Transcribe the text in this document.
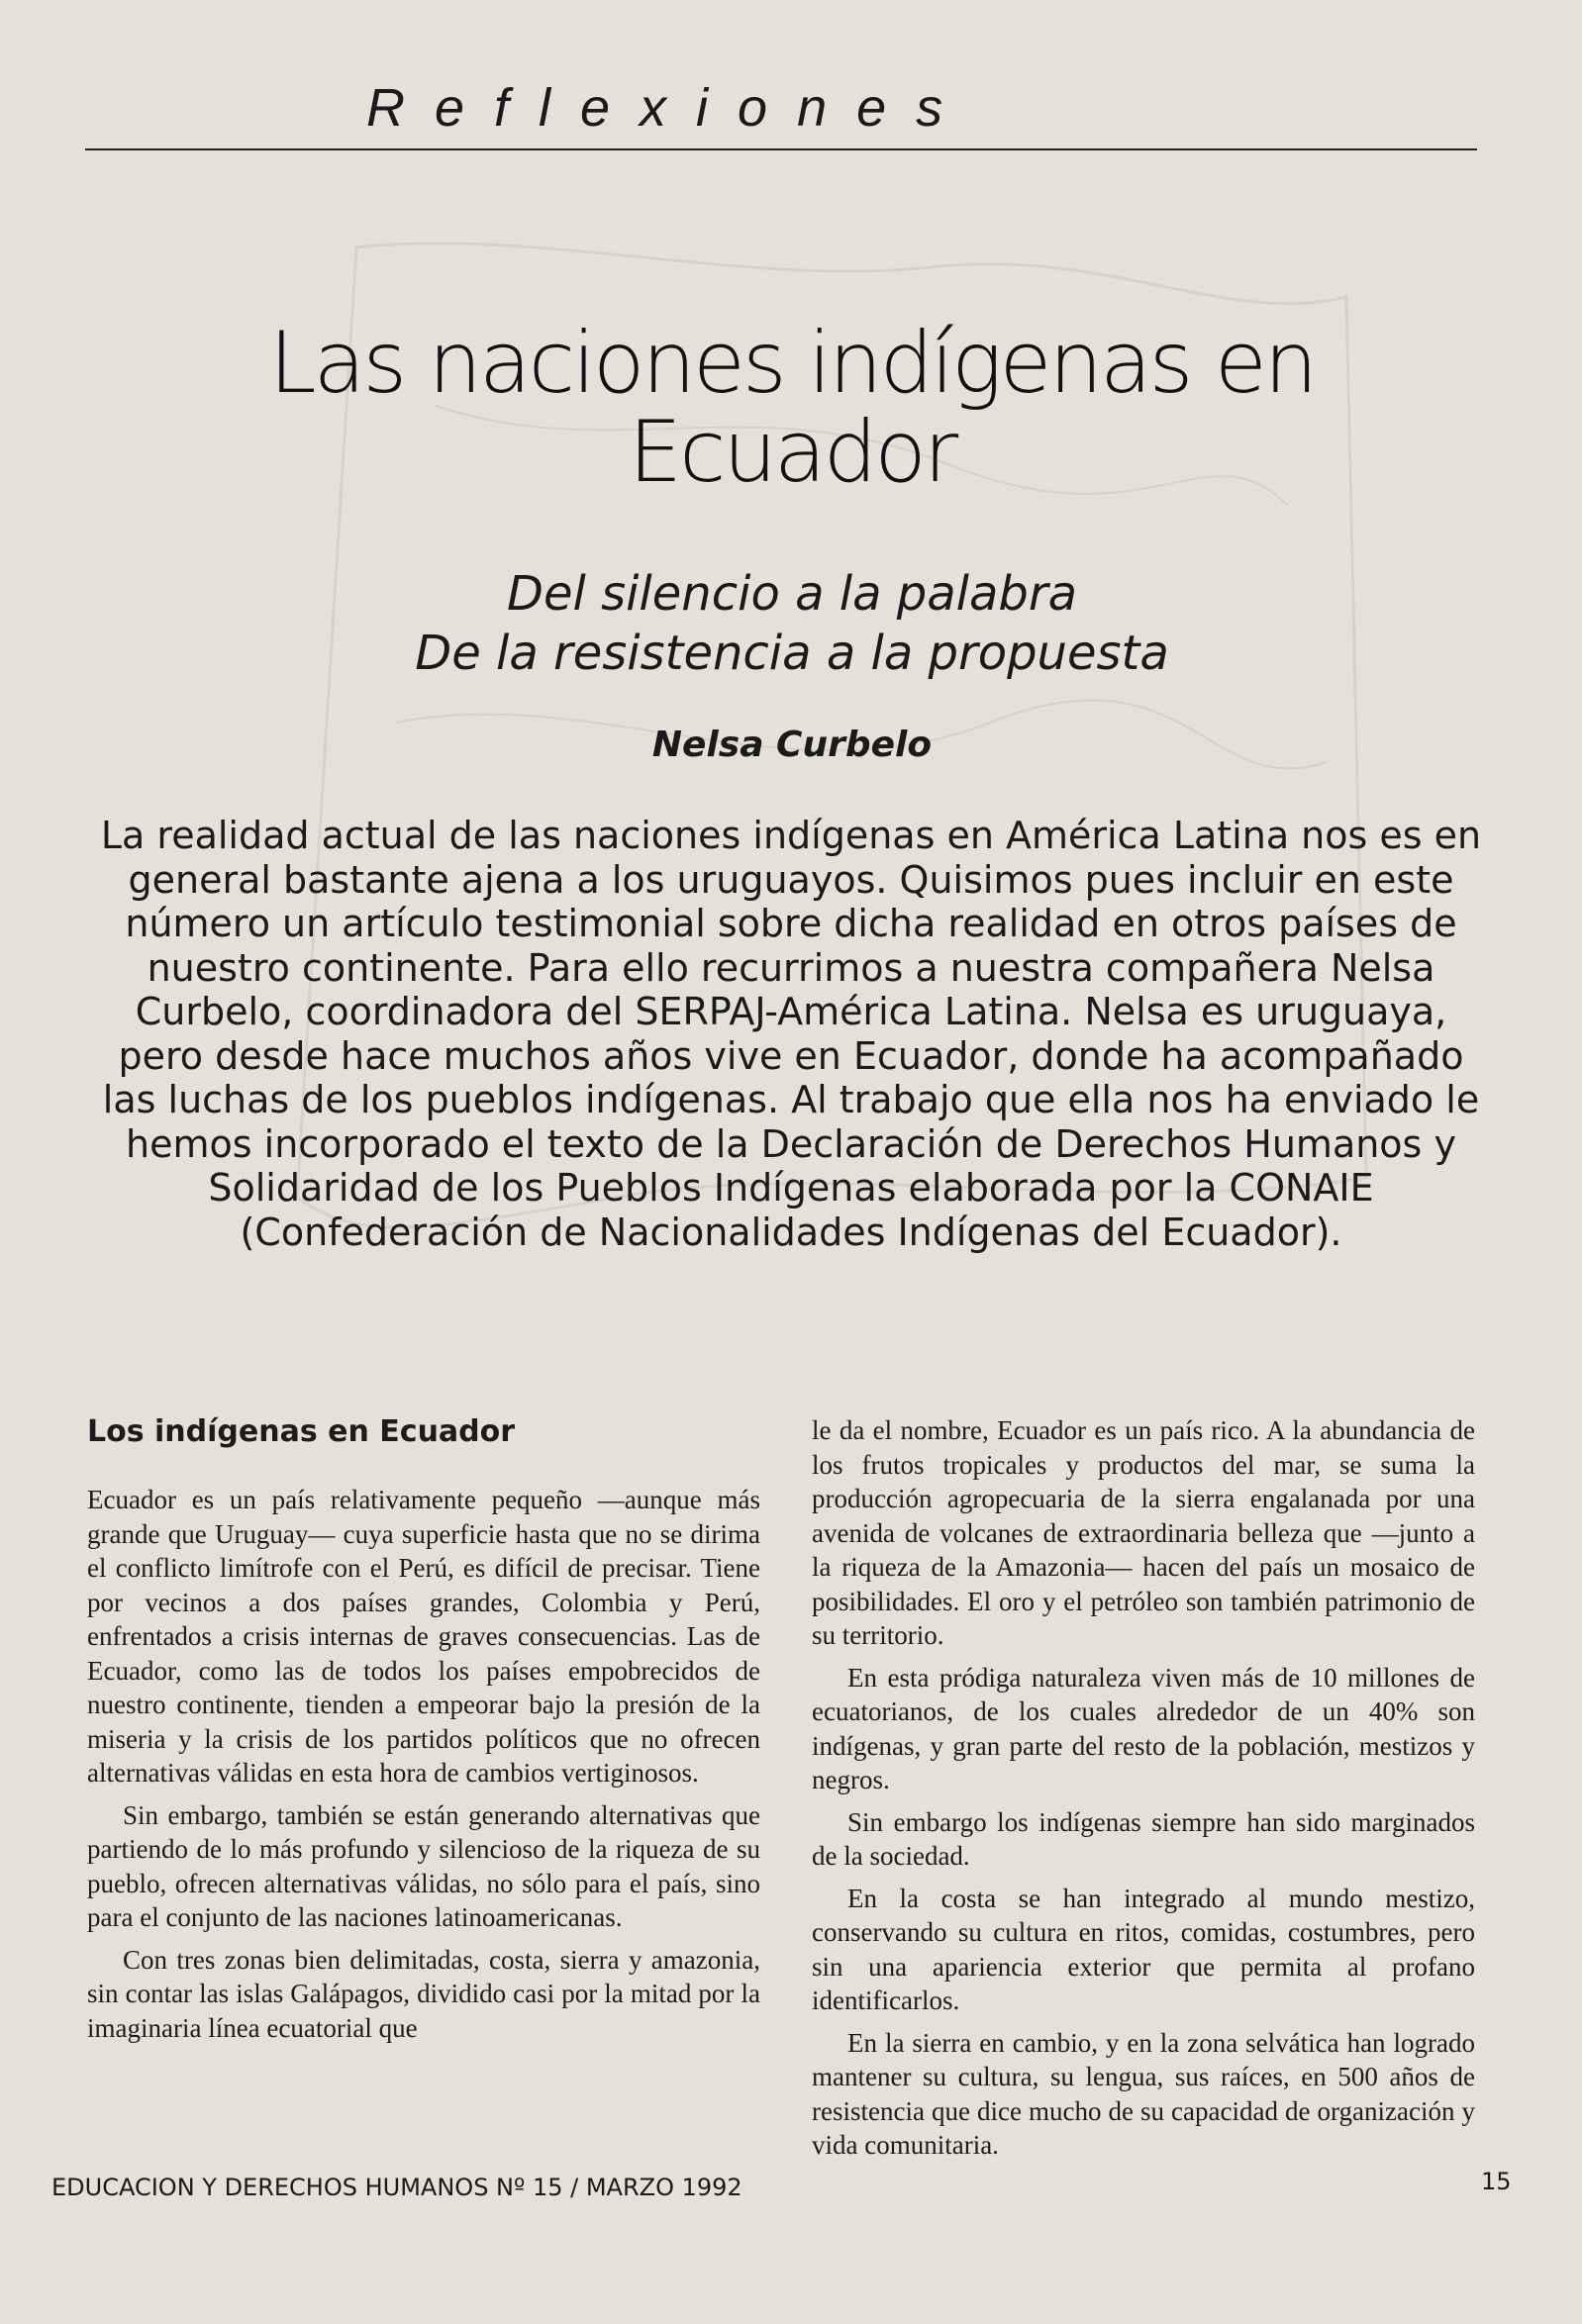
Reflexiones
Las naciones indígenas en Ecuador
Del silencio a la palabra
De la resistencia a la propuesta
Nelsa Curbelo
La realidad actual de las naciones indígenas en América Latina nos es en general bastante ajena a los uruguayos. Quisimos pues incluir en este número un artículo testimonial sobre dicha realidad en otros países de nuestro continente. Para ello recurrimos a nuestra compañera Nelsa Curbelo, coordinadora del SERPAJ-América Latina. Nelsa es uruguaya, pero desde hace muchos años vive en Ecuador, donde ha acompañado las luchas de los pueblos indígenas. Al trabajo que ella nos ha enviado le hemos incorporado el texto de la Declaración de Derechos Humanos y Solidaridad de los Pueblos Indígenas elaborada por la CONAIE (Confederación de Nacionalidades Indígenas del Ecuador).
Los indígenas en Ecuador

Ecuador es un país relativamente pequeño —aunque más grande que Uruguay— cuya superficie hasta que no se dirima el conflicto limítrofe con el Perú, es difícil de precisar. Tiene por vecinos a dos países grandes, Colombia y Perú, enfrentados a crisis internas de graves consecuencias. Las de Ecuador, como las de todos los países empobrecidos de nuestro continente, tienden a empeorar bajo la presión de la miseria y la crisis de los partidos políticos que no ofrecen alternativas válidas en esta hora de cambios vertiginosos.

Sin embargo, también se están generando alternativas que partiendo de lo más profundo y silencioso de la riqueza de su pueblo, ofrecen alternativas válidas, no sólo para el país, sino para el conjunto de las naciones latinoamericanas.

Con tres zonas bien delimitadas, costa, sierra y amazonia, sin contar las islas Galápagos, dividido casi por la mitad por la imaginaria línea ecuatorial que

le da el nombre, Ecuador es un país rico. A la abundancia de los frutos tropicales y productos del mar, se suma la producción agropecuaria de la sierra engalanada por una avenida de volcanes de extraordinaria belleza que —junto a la riqueza de la Amazonia— hacen del país un mosaico de posibilidades. El oro y el petróleo son también patrimonio de su territorio.

En esta pródiga naturaleza viven más de 10 millones de ecuatorianos, de los cuales alrededor de un 40% son indígenas, y gran parte del resto de la población, mestizos y negros.

Sin embargo los indígenas siempre han sido marginados de la sociedad.

En la costa se han integrado al mundo mestizo, conservando su cultura en ritos, comidas, costumbres, pero sin una apariencia exterior que permita al profano identificarlos.

En la sierra en cambio, y en la zona selvática han logrado mantener su cultura, su lengua, sus raíces, en 500 años de resistencia que dice mucho de su capacidad de organización y vida comunitaria.

EDUCACION Y DERECHOS HUMANOS Nº 15 / MARZO 1992	15
